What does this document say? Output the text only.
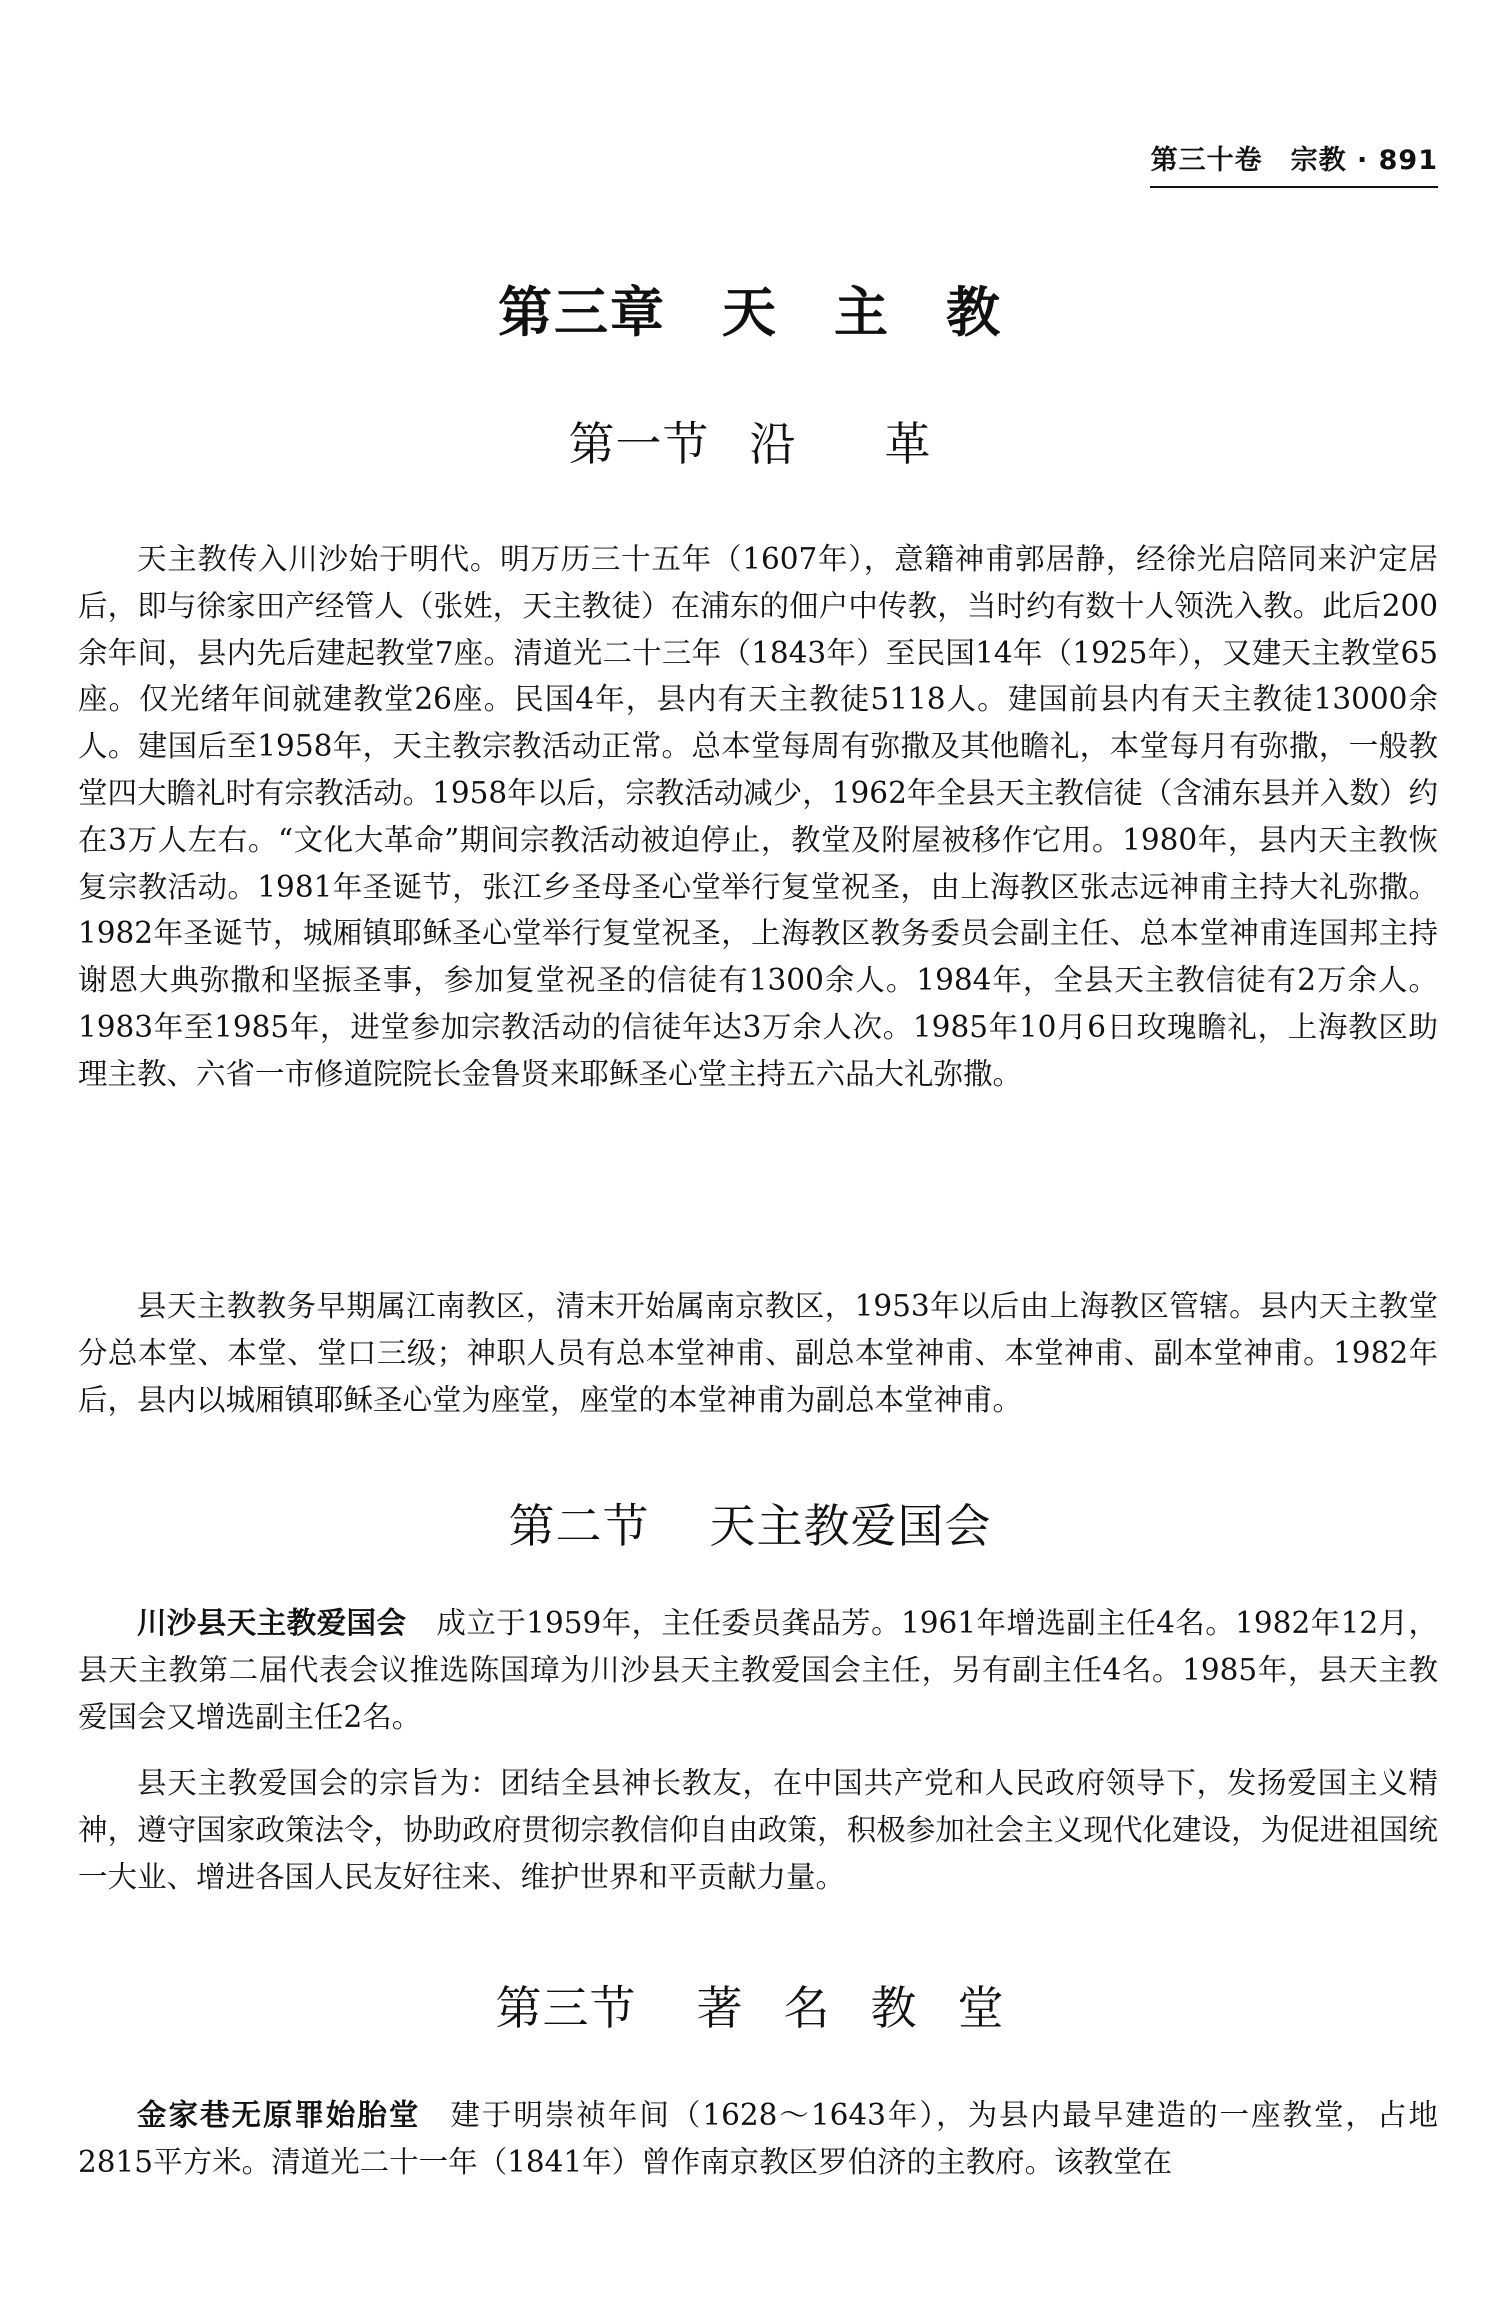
第三十卷　宗教 · 891
第三章 天 主 教
第一节 沿 革

天主教传入川沙始于明代。明万历三十五年（1607年），意籍神甫郭居静，经徐光启陪同来沪定居后，即与徐家田产经管人（张姓，天主教徒）在浦东的佃户中传教，当时约有数十人领洗入教。此后200余年间，县内先后建起教堂7座。清道光二十三年（1843年）至民国14年（1925年），又建天主教堂65座。仅光绪年间就建教堂26座。民国4年，县内有天主教徒5118人。建国前县内有天主教徒13000余人。建国后至1958年，天主教宗教活动正常。总本堂每周有弥撒及其他瞻礼，本堂每月有弥撒，一般教堂四大瞻礼时有宗教活动。1958年以后，宗教活动减少，1962年全县天主教信徒（含浦东县并入数）约在3万人左右。“文化大革命”期间宗教活动被迫停止，教堂及附屋被移作它用。1980年，县内天主教恢复宗教活动。1981年圣诞节，张江乡圣母圣心堂举行复堂祝圣，由上海教区张志远神甫主持大礼弥撒。1982年圣诞节，城厢镇耶稣圣心堂举行复堂祝圣，上海教区教务委员会副主任、总本堂神甫连国邦主持谢恩大典弥撒和坚振圣事，参加复堂祝圣的信徒有1300余人。1984年，全县天主教信徒有2万余人。1983年至1985年，进堂参加宗教活动的信徒年达3万余人次。1985年10月6日玫瑰瞻礼，上海教区助理主教、六省一市修道院院长金鲁贤来耶稣圣心堂主持五六品大礼弥撒。

县天主教教务早期属江南教区，清末开始属南京教区，1953年以后由上海教区管辖。县内天主教堂分总本堂、本堂、堂口三级；神职人员有总本堂神甫、副总本堂神甫、本堂神甫、副本堂神甫。1982年后，县内以城厢镇耶稣圣心堂为座堂，座堂的本堂神甫为副总本堂神甫。

第二节 天主教爱国会

川沙县天主教爱国会 成立于1959年，主任委员龚品芳。1961年增选副主任4名。1982年12月，县天主教第二届代表会议推选陈国璋为川沙县天主教爱国会主任，另有副主任4名。1985年，县天主教爱国会又增选副主任2名。

县天主教爱国会的宗旨为：团结全县神长教友，在中国共产党和人民政府领导下，发扬爱国主义精神，遵守国家政策法令，协助政府贯彻宗教信仰自由政策，积极参加社会主义现代化建设，为促进祖国统一大业、增进各国人民友好往来、维护世界和平贡献力量。

第三节 著 名 教 堂

金家巷无原罪始胎堂 建于明崇祯年间（1628～1643年），为县内最早建造的一座教堂，占地2815平方米。清道光二十一年（1841年）曾作南京教区罗伯济的主教府。该教堂在
